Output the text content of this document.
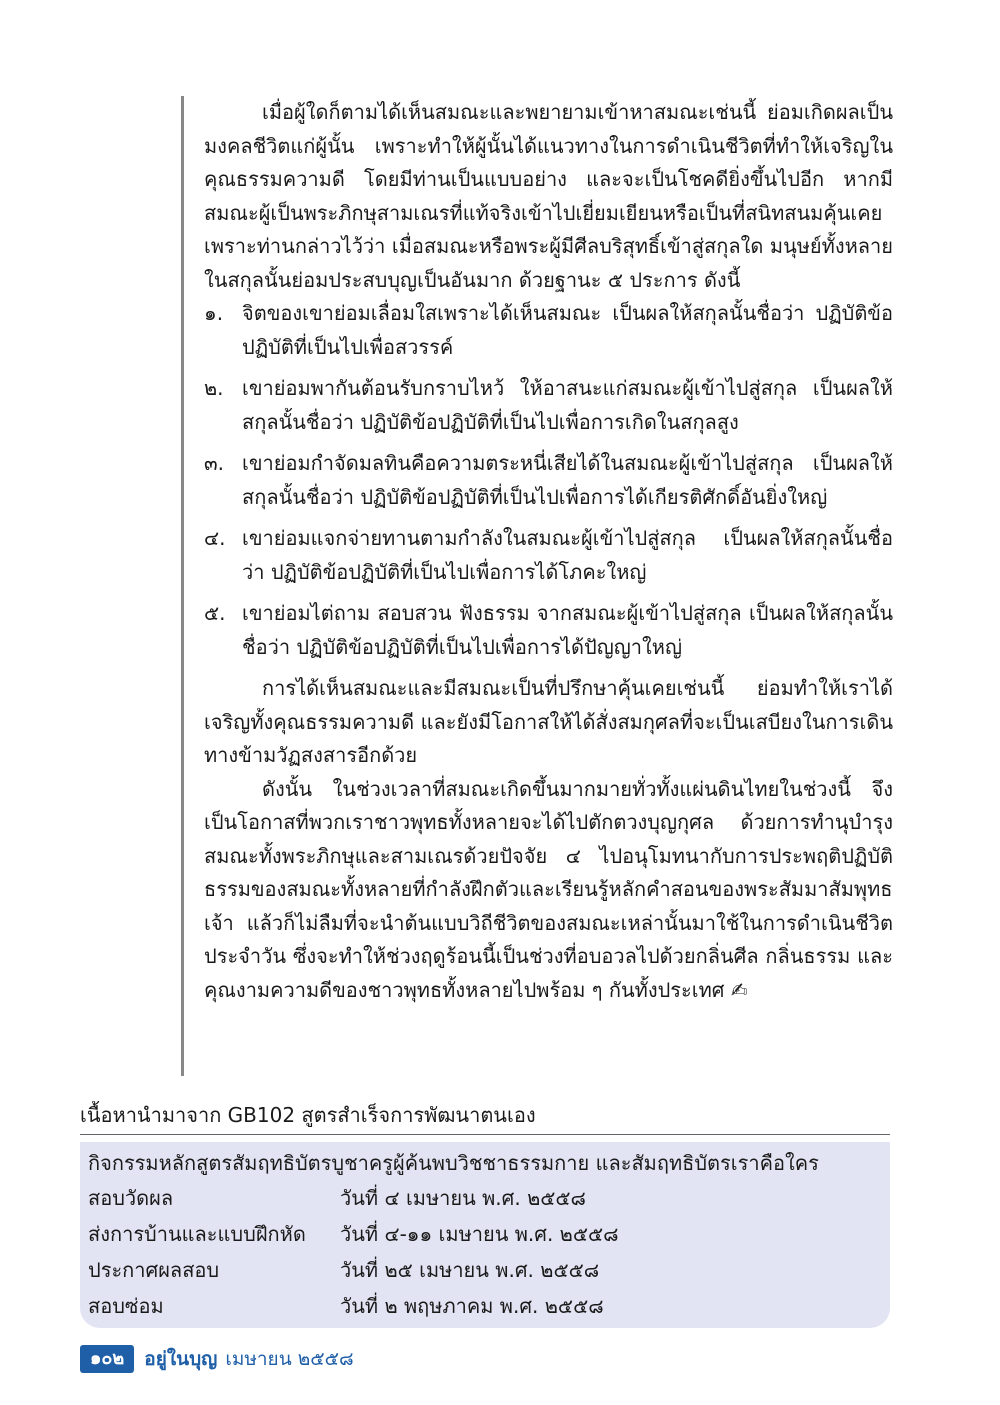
เมื่อผู้ใดก็ตามได้เห็นสมณะและพยายามเข้าหาสมณะเช่นนี้ ย่อมเกิดผลเป็นมงคลชีวิตแก่ผู้นั้น เพราะทำให้ผู้นั้นได้แนวทางในการดำเนินชีวิตที่ทำให้เจริญในคุณธรรมความดี โดยมีท่านเป็นแบบอย่าง และจะเป็นโชคดียิ่งขึ้นไปอีก หากมีสมณะผู้เป็นพระภิกษุสามเณรที่แท้จริงเข้าไปเยี่ยมเยียนหรือเป็นที่สนิทสนมคุ้นเคย เพราะท่านกล่าวไว้ว่า เมื่อสมณะหรือพระผู้มีศีลบริสุทธิ์เข้าสู่สกุลใด มนุษย์ทั้งหลายในสกุลนั้นย่อมประสบบุญเป็นอันมาก ด้วยฐานะ ๕ ประการ ดังนี้

๑. จิตของเขาย่อมเลื่อมใสเพราะได้เห็นสมณะ เป็นผลให้สกุลนั้นชื่อว่า ปฏิบัติข้อปฏิบัติที่เป็นไปเพื่อสวรรค์
๒. เขาย่อมพากันต้อนรับกราบไหว้ ให้อาสนะแก่สมณะผู้เข้าไปสู่สกุล เป็นผลให้สกุลนั้นชื่อว่า ปฏิบัติข้อปฏิบัติที่เป็นไปเพื่อการเกิดในสกุลสูง
๓. เขาย่อมกำจัดมลทินคือความตระหนี่เสียได้ในสมณะผู้เข้าไปสู่สกุล เป็นผลให้สกุลนั้นชื่อว่า ปฏิบัติข้อปฏิบัติที่เป็นไปเพื่อการได้เกียรติศักดิ์อันยิ่งใหญ่
๔. เขาย่อมแจกจ่ายทานตามกำลังในสมณะผู้เข้าไปสู่สกุล เป็นผลให้สกุลนั้นชื่อว่า ปฏิบัติข้อปฏิบัติที่เป็นไปเพื่อการได้โภคะใหญ่
๕. เขาย่อมไต่ถาม สอบสวน ฟังธรรม จากสมณะผู้เข้าไปสู่สกุล เป็นผลให้สกุลนั้นชื่อว่า ปฏิบัติข้อปฏิบัติที่เป็นไปเพื่อการได้ปัญญาใหญ่

การได้เห็นสมณะและมีสมณะเป็นที่ปรึกษาคุ้นเคยเช่นนี้ ย่อมทำให้เราได้เจริญทั้งคุณธรรมความดี และยังมีโอกาสให้ได้สั่งสมกุศลที่จะเป็นเสบียงในการเดินทางข้ามวัฏสงสารอีกด้วย

ดังนั้น ในช่วงเวลาที่สมณะเกิดขึ้นมากมายทั่วทั้งแผ่นดินไทยในช่วงนี้ จึงเป็นโอกาสที่พวกเราชาวพุทธทั้งหลายจะได้ไปตักตวงบุญกุศล ด้วยการทำนุบำรุงสมณะทั้งพระภิกษุและสามเณรด้วยปัจจัย ๔ ไปอนุโมทนากับการประพฤติปฏิบัติธรรมของสมณะทั้งหลายที่กำลังฝึกตัวและเรียนรู้หลักคำสอนของพระสัมมาสัมพุทธเจ้า แล้วก็ไม่ลืมที่จะนำต้นแบบวิถีชีวิตของสมณะเหล่านั้นมาใช้ในการดำเนินชีวิตประจำวัน ซึ่งจะทำให้ช่วงฤดูร้อนนี้เป็นช่วงที่อบอวลไปด้วยกลิ่นศีล กลิ่นธรรม และคุณงามความดีของชาวพุทธทั้งหลายไปพร้อม ๆ กันทั้งประเทศ ✍

เนื้อหานำมาจาก GB102 สูตรสำเร็จการพัฒนาตนเอง
กิจกรรมหลักสูตรสัมฤทธิบัตรบูชาครูผู้ค้นพบวิชชาธรรมกาย และสัมฤทธิบัตรเราคือใคร
สอบวัดผล	วันที่ ๔ เมษายน พ.ศ. ๒๕๕๘
ส่งการบ้านและแบบฝึกหัด	วันที่ ๔-๑๑ เมษายน พ.ศ. ๒๕๕๘
ประกาศผลสอบ	วันที่ ๒๕ เมษายน พ.ศ. ๒๕๕๘
สอบซ่อม	วันที่ ๒ พฤษภาคม พ.ศ. ๒๕๕๘
๑๐๒	อยู่ในบุญ เมษายน ๒๕๕๘
